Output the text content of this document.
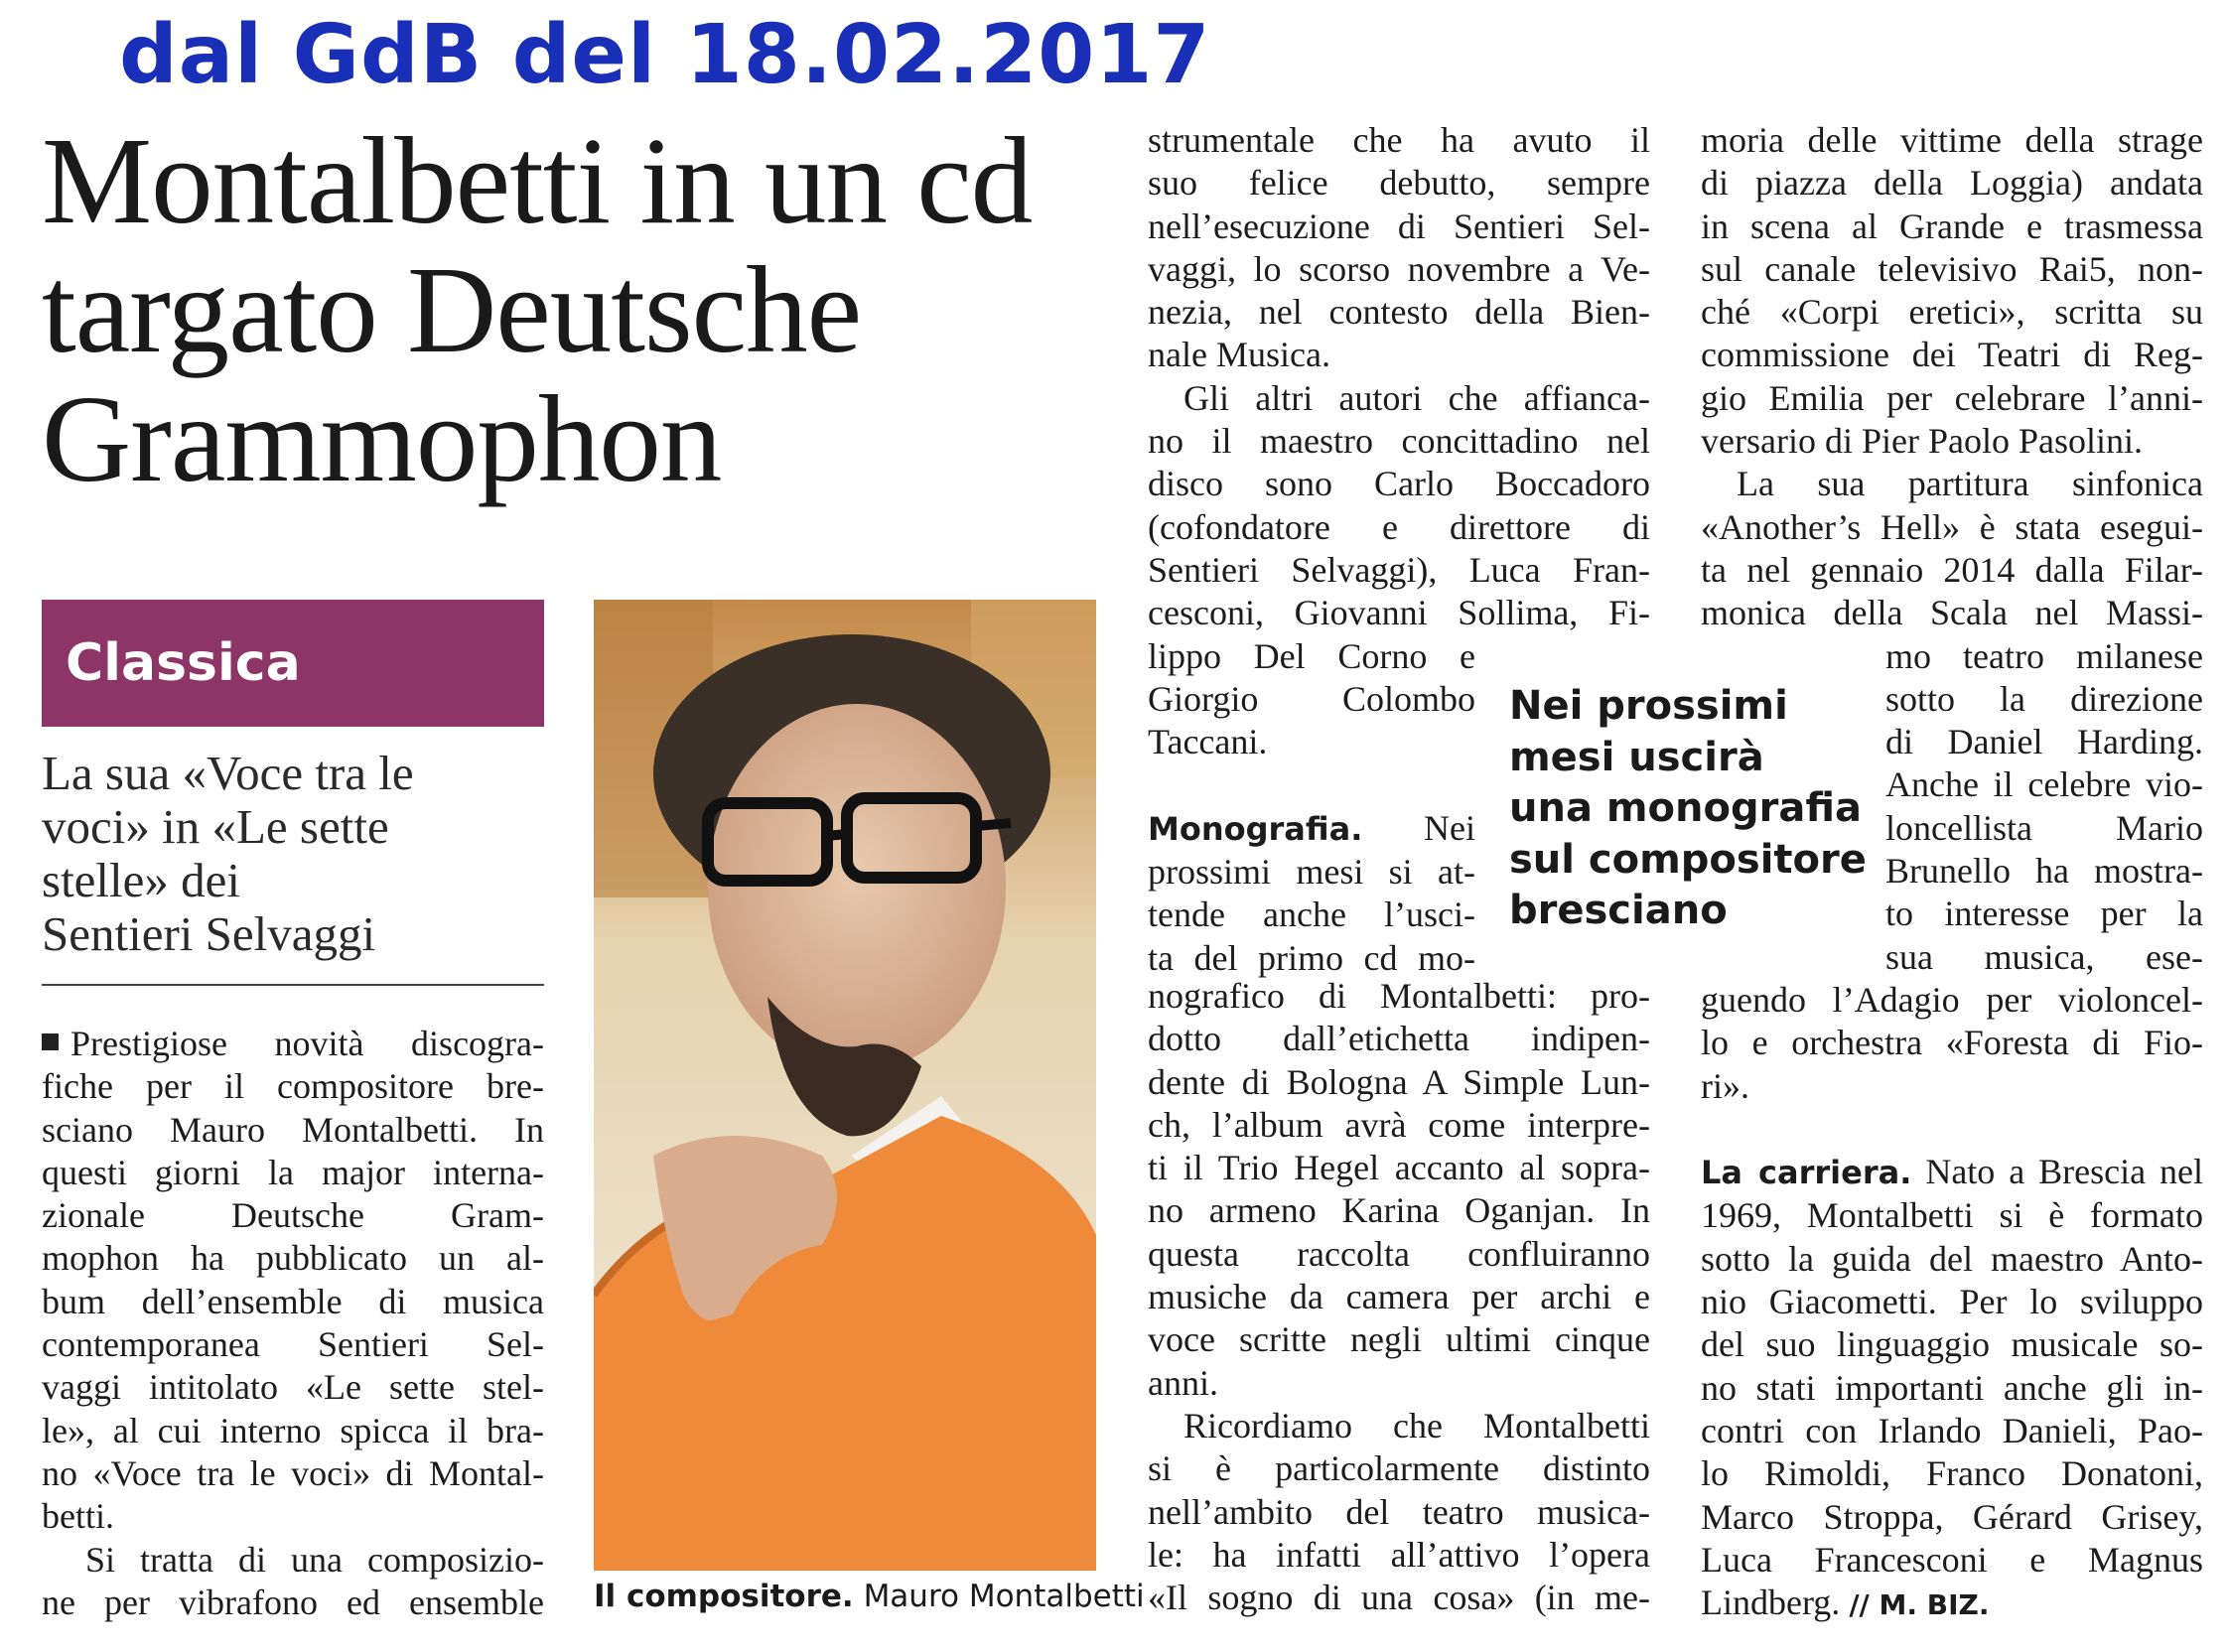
dal GdB del 18.02.2017
Montalbetti in un cd
targato Deutsche
Grammophon
Classica
La sua «Voce tra le
voci» in «Le sette
stelle» dei
Sentieri Selvaggi
Prestigiose novità discogra-
fiche per il compositore bre-
sciano Mauro Montalbetti. In
questi giorni la major interna-
zionale Deutsche Gram-
mophon ha pubblicato un al-
bum dell’ensemble di musica
contemporanea Sentieri Sel-
vaggi intitolato «Le sette stel-
le», al cui interno spicca il bra-
no «Voce tra le voci» di Montal-
betti.
Si tratta di una composizio-
ne per vibrafono ed ensemble Il compositore. Mauro Montalbetti
strumentale che ha avuto il
suo felice debutto, sempre
nell’esecuzione di Sentieri Sel-
vaggi, lo scorso novembre a Ve-
nezia, nel contesto della Bien-
nale Musica.
Gli altri autori che affianca-
no il maestro concittadino nel
disco sono Carlo Boccadoro
(cofondatore e direttore di
Sentieri Selvaggi), Luca Fran-
cesconi, Giovanni Sollima, Fi-
lippo Del Corno e
Giorgio Colombo
Taccani.

Monografia. Nei
prossimi mesi si at-
tende anche l’usci-
ta del primo cd mo-
nografico di Montalbetti: pro-
dotto dall’etichetta indipen-
dente di Bologna A Simple Lun-
ch, l’album avrà come interpre-
ti il Trio Hegel accanto al sopra-
no armeno Karina Oganjan. In
questa raccolta confluiranno
musiche da camera per archi e
voce scritte negli ultimi cinque
anni.
Ricordiamo che Montalbetti
si è particolarmente distinto
nell’ambito del teatro musica-
le: ha infatti all’attivo l’opera
«Il sogno di una cosa» (in me-
Nei prossimi
mesi uscirà
una monografia
sul compositore
bresciano
moria delle vittime della strage
di piazza della Loggia) andata
in scena al Grande e trasmessa
sul canale televisivo Rai5, non-
ché «Corpi eretici», scritta su
commissione dei Teatri di Reg-
gio Emilia per celebrare l’anni-
versario di Pier Paolo Pasolini.
La sua partitura sinfonica
«Another’s Hell» è stata esegui-
ta nel gennaio 2014 dalla Filar-
monica della Scala nel Massi-
mo teatro milanese
sotto la direzione
di Daniel Harding.
Anche il celebre vio-
loncellista Mario
Brunello ha mostra-
to interesse per la
sua musica, ese-
guendo l’Adagio per violoncel-
lo e orchestra «Foresta di Fio-
ri».

La carriera. Nato a Brescia nel
1969, Montalbetti si è formato
sotto la guida del maestro Anto-
nio Giacometti. Per lo sviluppo
del suo linguaggio musicale so-
no stati importanti anche gli in-
contri con Irlando Danieli, Pao-
lo Rimoldi, Franco Donatoni,
Marco Stroppa, Gérard Grisey,
Luca Francesconi e Magnus
Lindberg. // M. BIZ.
